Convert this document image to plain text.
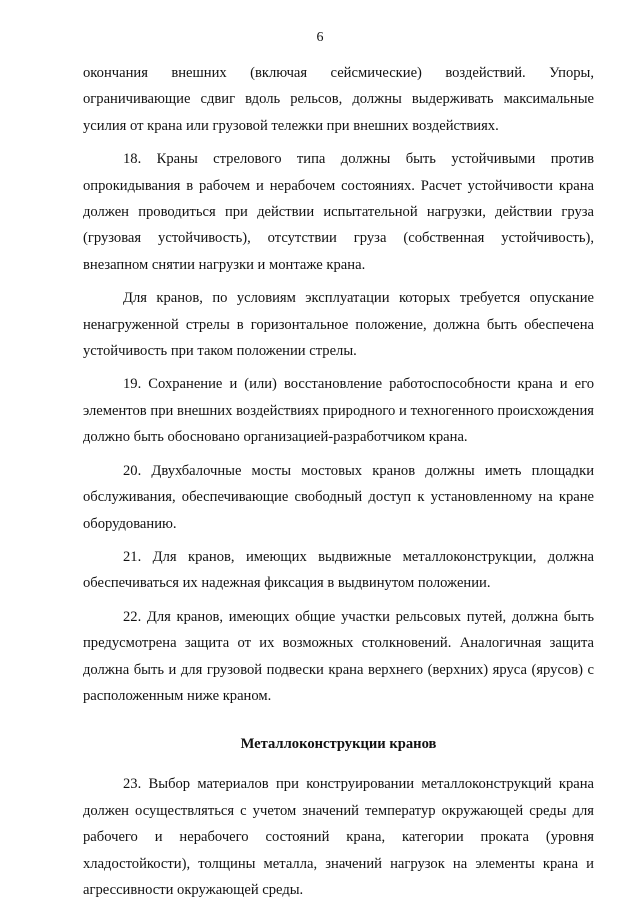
6

окончания внешних (включая сейсмические) воздействий. Упоры, ограничивающие сдвиг вдоль рельсов, должны выдерживать максимальные усилия от крана или грузовой тележки при внешних воздействиях.

18. Краны стрелового типа должны быть устойчивыми против опрокидывания в рабочем и нерабочем состояниях. Расчет устойчивости крана должен проводиться при действии испытательной нагрузки, действии груза (грузовая устойчивость), отсутствии груза (собственная устойчивость), внезапном снятии нагрузки и монтаже крана.

Для кранов, по условиям эксплуатации которых требуется опускание ненагруженной стрелы в горизонтальное положение, должна быть обеспечена устойчивость при таком положении стрелы.

19. Сохранение и (или) восстановление работоспособности крана и его элементов при внешних воздействиях природного и техногенного происхождения должно быть обосновано организацией-разработчиком крана.

20. Двухбалочные мосты мостовых кранов должны иметь площадки обслуживания, обеспечивающие свободный доступ к установленному на кране оборудованию.

21. Для кранов, имеющих выдвижные металлоконструкции, должна обеспечиваться их надежная фиксация в выдвинутом положении.

22. Для кранов, имеющих общие участки рельсовых путей, должна быть предусмотрена защита от их возможных столкновений. Аналогичная защита должна быть и для грузовой подвески крана верхнего (верхних) яруса (ярусов) с расположенным ниже краном.

Металлоконструкции кранов

23. Выбор материалов при конструировании металлоконструкций крана должен осуществляться с учетом значений температур окружающей среды для рабочего и нерабочего состояний крана, категории проката (уровня хладостойкости), толщины металла, значений нагрузок на элементы крана и агрессивности окружающей среды.
